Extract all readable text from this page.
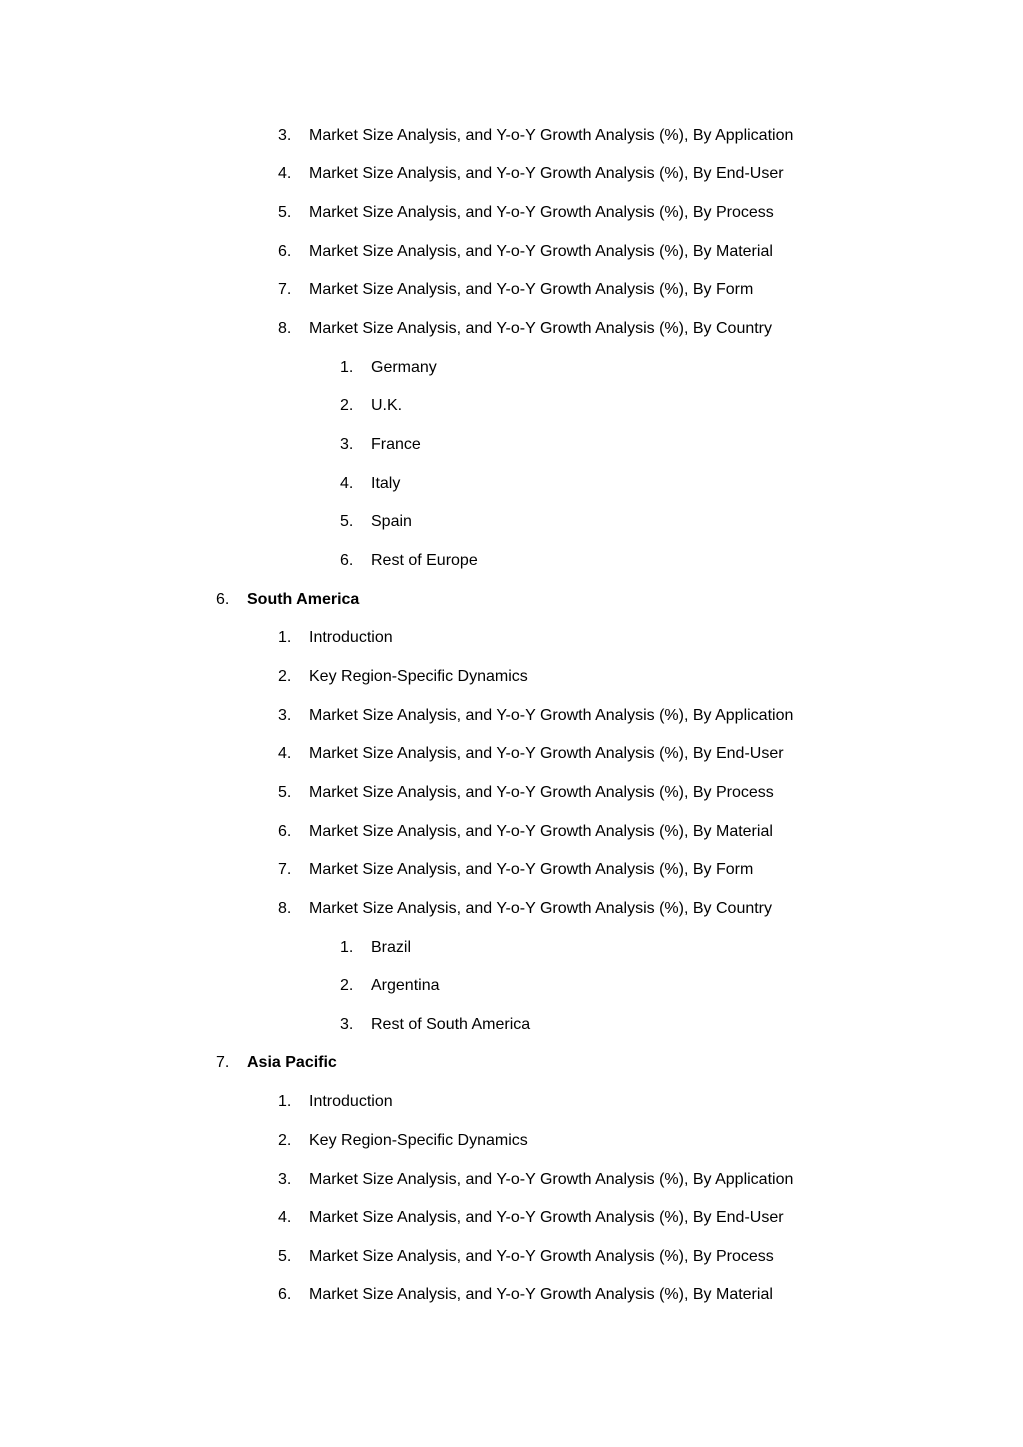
3. Market Size Analysis, and Y-o-Y Growth Analysis (%), By Application
4. Market Size Analysis, and Y-o-Y Growth Analysis (%), By End-User
5. Market Size Analysis, and Y-o-Y Growth Analysis (%), By Process
6. Market Size Analysis, and Y-o-Y Growth Analysis (%), By Material
7. Market Size Analysis, and Y-o-Y Growth Analysis (%), By Form
8. Market Size Analysis, and Y-o-Y Growth Analysis (%), By Country
1. Germany
2. U.K.
3. France
4. Italy
5. Spain
6. Rest of Europe
6. South America
1. Introduction
2. Key Region-Specific Dynamics
3. Market Size Analysis, and Y-o-Y Growth Analysis (%), By Application
4. Market Size Analysis, and Y-o-Y Growth Analysis (%), By End-User
5. Market Size Analysis, and Y-o-Y Growth Analysis (%), By Process
6. Market Size Analysis, and Y-o-Y Growth Analysis (%), By Material
7. Market Size Analysis, and Y-o-Y Growth Analysis (%), By Form
8. Market Size Analysis, and Y-o-Y Growth Analysis (%), By Country
1. Brazil
2. Argentina
3. Rest of South America
7. Asia Pacific
1. Introduction
2. Key Region-Specific Dynamics
3. Market Size Analysis, and Y-o-Y Growth Analysis (%), By Application
4. Market Size Analysis, and Y-o-Y Growth Analysis (%), By End-User
5. Market Size Analysis, and Y-o-Y Growth Analysis (%), By Process
6. Market Size Analysis, and Y-o-Y Growth Analysis (%), By Material
